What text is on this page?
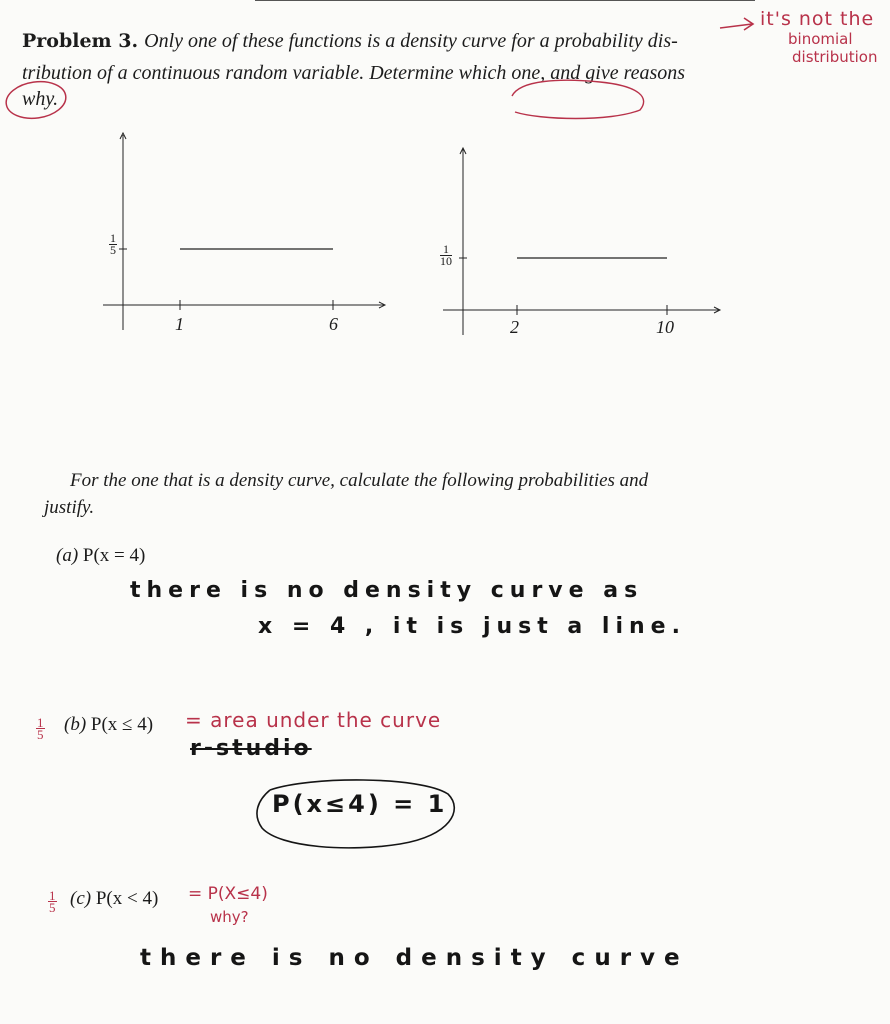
Problem 3. Only one of these functions is a density curve for a probability dis-
tribution of a continuous random variable. Determine which one, and give reasons
why.
it's not the
binomial
distribution
$\frac{1}{5}$
1	6
$\frac{1}{10}$
2	10
For the one that is a density curve, calculate the following probabilities and
justify.
(a) P(x = 4)
there is no density curve as
x = 4 , it is just a line.
$\frac{1}{5} (b) P(x \le 4)$ = area under the curve
r-studio
P(x≤4) = 1
$\frac{1}{5} (c) P(x < 4) = P(X\le 4)$
why?
there is no density curve
